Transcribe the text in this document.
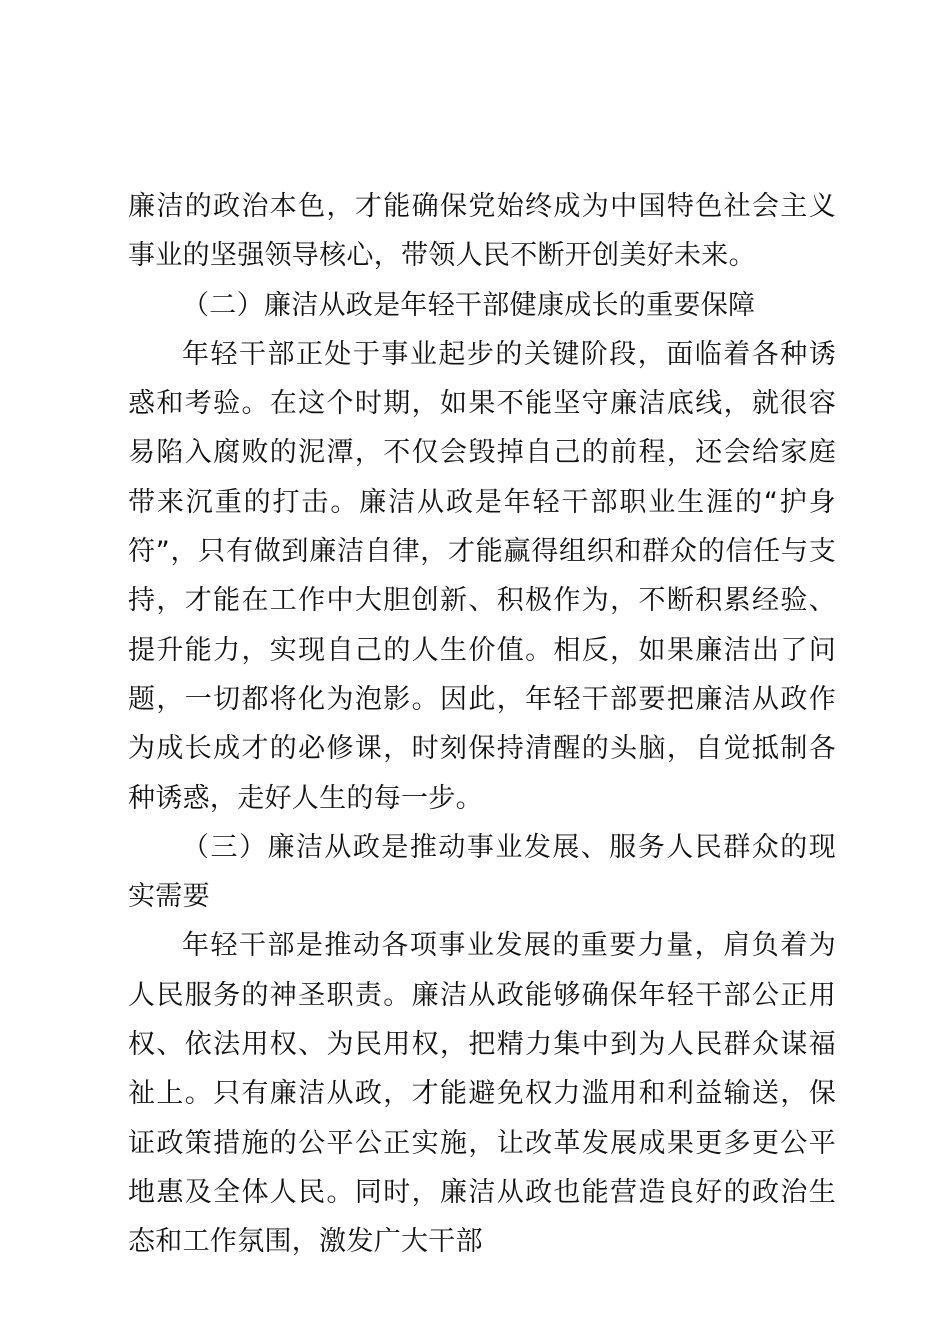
廉洁的政治本色，才能确保党始终成为中国特色社会主义事业的坚强领导核心，带领人民不断开创美好未来。

（二）廉洁从政是年轻干部健康成长的重要保障

年轻干部正处于事业起步的关键阶段，面临着各种诱惑和考验。在这个时期，如果不能坚守廉洁底线，就很容易陷入腐败的泥潭，不仅会毁掉自己的前程，还会给家庭带来沉重的打击。廉洁从政是年轻干部职业生涯的“护身符”，只有做到廉洁自律，才能赢得组织和群众的信任与支持，才能在工作中大胆创新、积极作为，不断积累经验、提升能力，实现自己的人生价值。相反，如果廉洁出了问题，一切都将化为泡影。因此，年轻干部要把廉洁从政作为成长成才的必修课，时刻保持清醒的头脑，自觉抵制各种诱惑，走好人生的每一步。

（三）廉洁从政是推动事业发展、服务人民群众的现实需要

年轻干部是推动各项事业发展的重要力量，肩负着为人民服务的神圣职责。廉洁从政能够确保年轻干部公正用权、依法用权、为民用权，把精力集中到为人民群众谋福祉上。只有廉洁从政，才能避免权力滥用和利益输送，保证政策措施的公平公正实施，让改革发展成果更多更公平地惠及全体人民。同时，廉洁从政也能营造良好的政治生态和工作氛围，激发广大干部
